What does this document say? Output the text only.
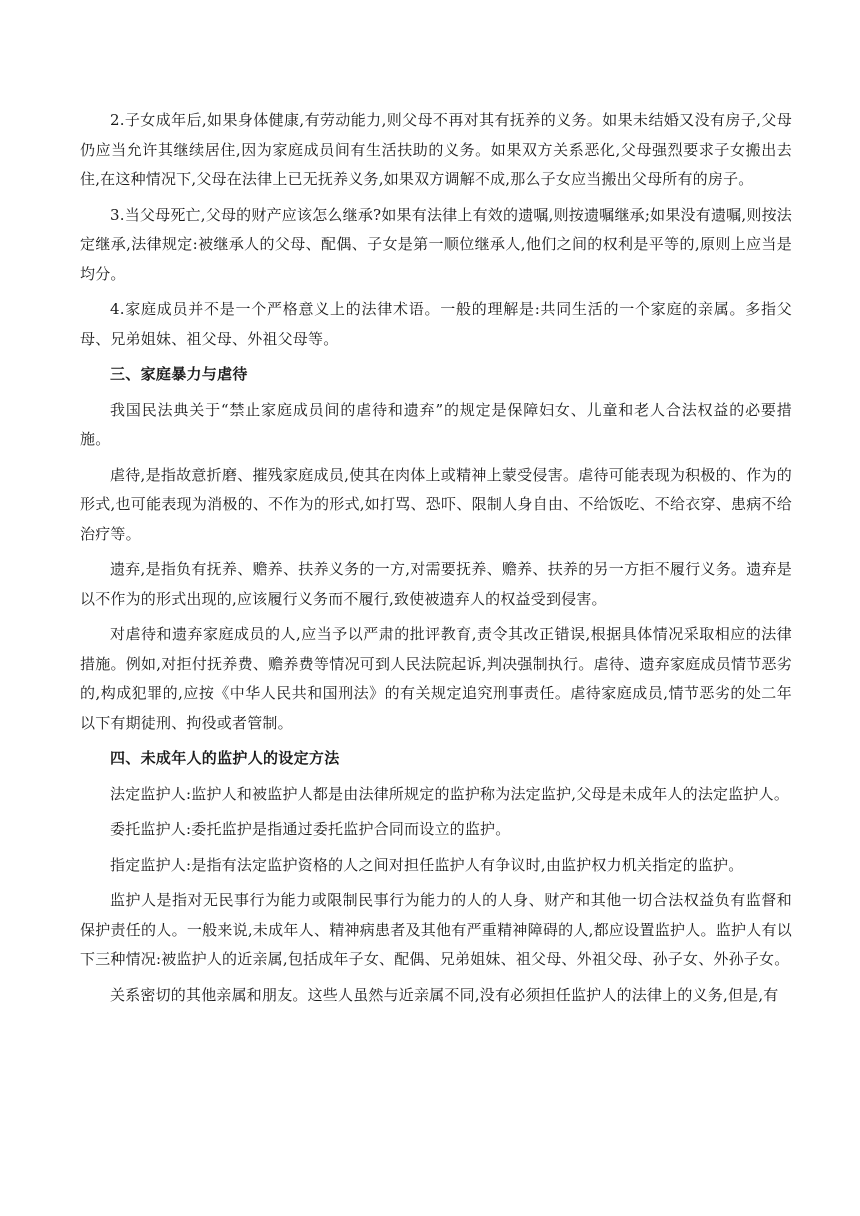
2.子女成年后,如果身体健康,有劳动能力,则父母不再对其有抚养的义务。如果未结婚又没有房子,父母仍应当允许其继续居住,因为家庭成员间有生活扶助的义务。如果双方关系恶化,父母强烈要求子女搬出去住,在这种情况下,父母在法律上已无抚养义务,如果双方调解不成,那么子女应当搬出父母所有的房子。

3.当父母死亡,父母的财产应该怎么继承?如果有法律上有效的遗嘱,则按遗嘱继承;如果没有遗嘱,则按法定继承,法律规定:被继承人的父母、配偶、子女是第一顺位继承人,他们之间的权利是平等的,原则上应当是均分。

4.家庭成员并不是一个严格意义上的法律术语。一般的理解是:共同生活的一个家庭的亲属。多指父母、兄弟姐妹、祖父母、外祖父母等。

三、家庭暴力与虐待

我国民法典关于“禁止家庭成员间的虐待和遗弃”的规定是保障妇女、儿童和老人合法权益的必要措施。

虐待,是指故意折磨、摧残家庭成员,使其在肉体上或精神上蒙受侵害。虐待可能表现为积极的、作为的形式,也可能表现为消极的、不作为的形式,如打骂、恐吓、限制人身自由、不给饭吃、不给衣穿、患病不给治疗等。

遗弃,是指负有抚养、赡养、扶养义务的一方,对需要抚养、赡养、扶养的另一方拒不履行义务。遗弃是以不作为的形式出现的,应该履行义务而不履行,致使被遗弃人的权益受到侵害。

对虐待和遗弃家庭成员的人,应当予以严肃的批评教育,责令其改正错误,根据具体情况采取相应的法律措施。例如,对拒付抚养费、赡养费等情况可到人民法院起诉,判决强制执行。虐待、遗弃家庭成员情节恶劣的,构成犯罪的,应按《中华人民共和国刑法》的有关规定追究刑事责任。虐待家庭成员,情节恶劣的处二年以下有期徒刑、拘役或者管制。

四、未成年人的监护人的设定方法

法定监护人:监护人和被监护人都是由法律所规定的监护称为法定监护,父母是未成年人的法定监护人。

委托监护人:委托监护是指通过委托监护合同而设立的监护。

指定监护人:是指有法定监护资格的人之间对担任监护人有争议时,由监护权力机关指定的监护。

监护人是指对无民事行为能力或限制民事行为能力的人的人身、财产和其他一切合法权益负有监督和保护责任的人。一般来说,未成年人、精神病患者及其他有严重精神障碍的人,都应设置监护人。监护人有以下三种情况:被监护人的近亲属,包括成年子女、配偶、兄弟姐妹、祖父母、外祖父母、孙子女、外孙子女。

关系密切的其他亲属和朋友。这些人虽然与近亲属不同,没有必须担任监护人的法律上的义务,但是,有
